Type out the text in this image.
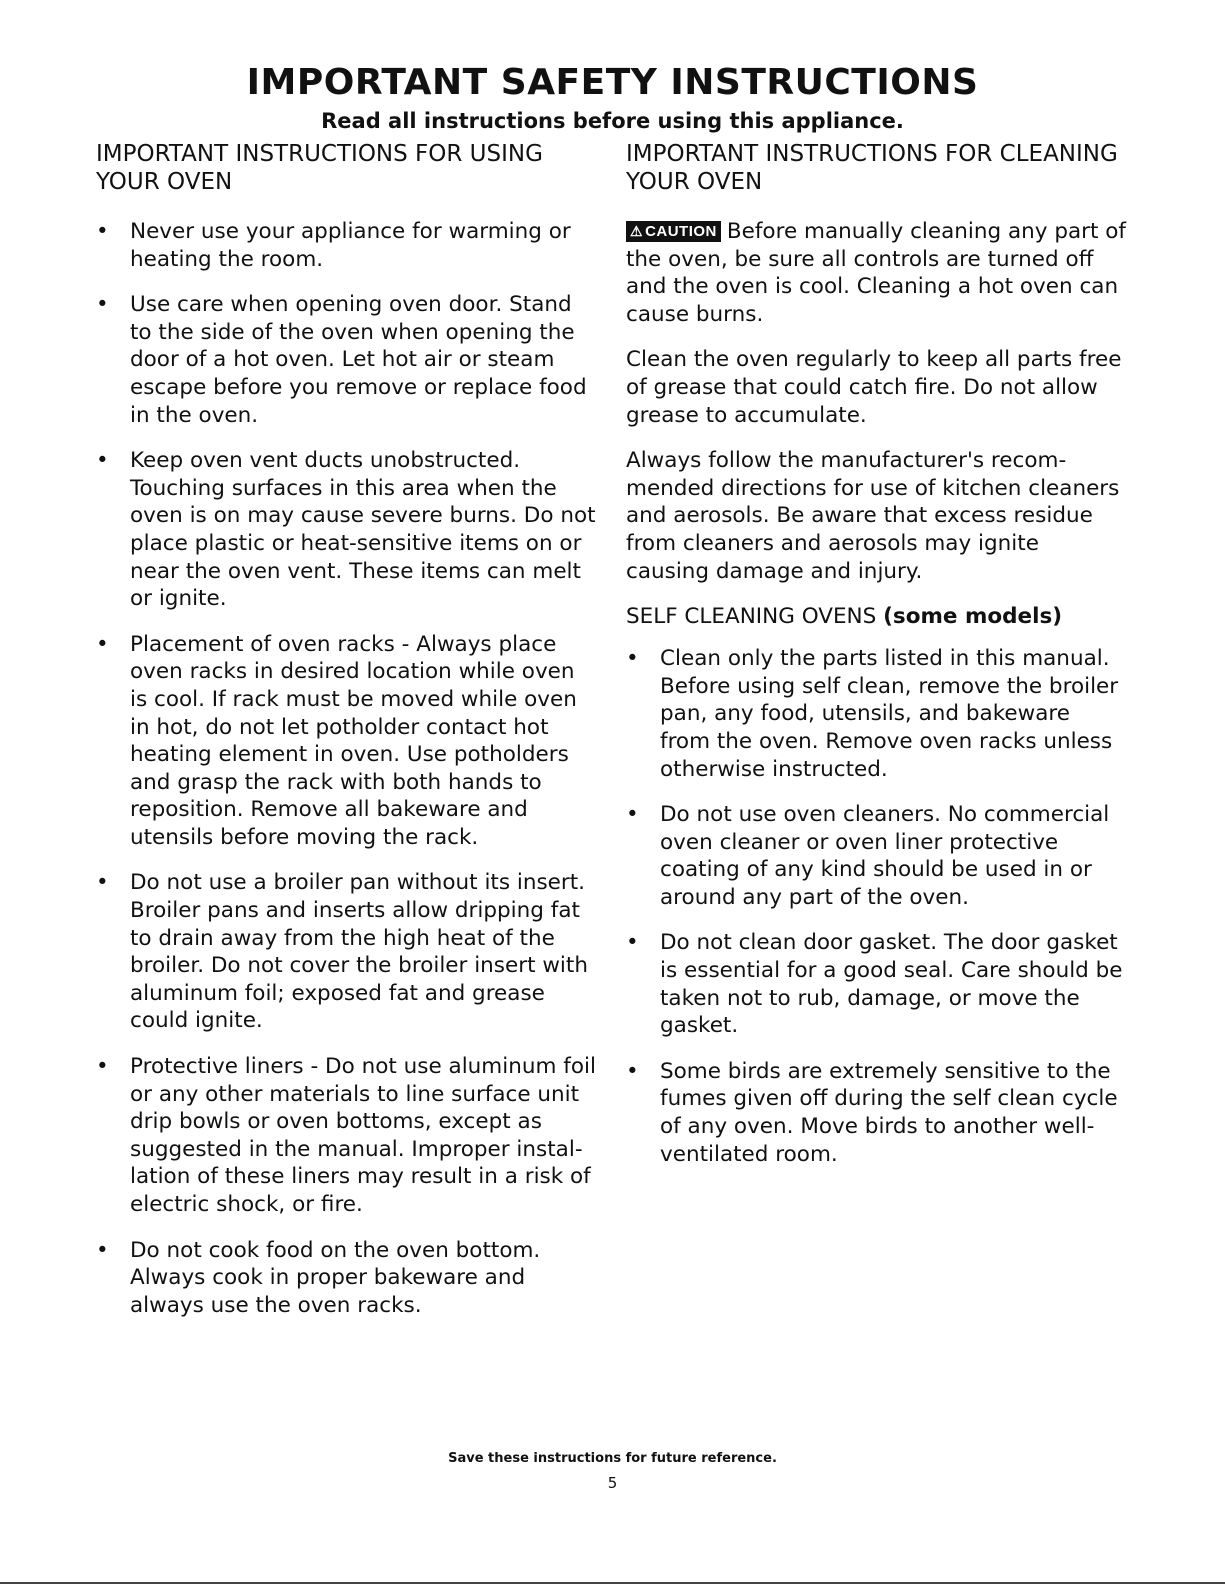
IMPORTANT SAFETY INSTRUCTIONS
Read all instructions before using this appliance.
IMPORTANT INSTRUCTIONS FOR USING YOUR OVEN
• Never use your appliance for warming or heating the room.
• Use care when opening oven door. Stand to the side of the oven when opening the door of a hot oven. Let hot air or steam escape before you remove or replace food in the oven.
• Keep oven vent ducts unobstructed. Touching surfaces in this area when the oven is on may cause severe burns. Do not place plastic or heat-sensitive items on or near the oven vent. These items can melt or ignite.
• Placement of oven racks - Always place oven racks in desired location while oven is cool. If rack must be moved while oven in hot, do not let potholder contact hot heating element in oven. Use potholders and grasp the rack with both hands to reposition. Remove all bakeware and utensils before moving the rack.
• Do not use a broiler pan without its insert. Broiler pans and inserts allow dripping fat to drain away from the high heat of the broiler. Do not cover the broiler insert with aluminum foil; exposed fat and grease could ignite.
• Protective liners - Do not use aluminum foil or any other materials to line surface unit drip bowls or oven bottoms, except as suggested in the manual. Improper instal-lation of these liners may result in a risk of electric shock, or fire.
• Do not cook food on the oven bottom. Always cook in proper bakeware and always use the oven racks.
IMPORTANT INSTRUCTIONS FOR CLEANING YOUR OVEN

⚠ CAUTION Before manually cleaning any part of the oven, be sure all controls are turned off and the oven is cool. Cleaning a hot oven can cause burns.

Clean the oven regularly to keep all parts free of grease that could catch fire. Do not allow grease to accumulate.

Always follow the manufacturer's recom-mended directions for use of kitchen cleaners and aerosols. Be aware that excess residue from cleaners and aerosols may ignite causing damage and injury.

SELF CLEANING OVENS (some models)
• Clean only the parts listed in this manual. Before using self clean, remove the broiler pan, any food, utensils, and bakeware from the oven. Remove oven racks unless otherwise instructed.
• Do not use oven cleaners. No commercial oven cleaner or oven liner protective coating of any kind should be used in or around any part of the oven.
• Do not clean door gasket. The door gasket is essential for a good seal. Care should be taken not to rub, damage, or move the gasket.
• Some birds are extremely sensitive to the fumes given off during the self clean cycle of any oven. Move birds to another well-ventilated room.
Save these instructions for future reference.
5
